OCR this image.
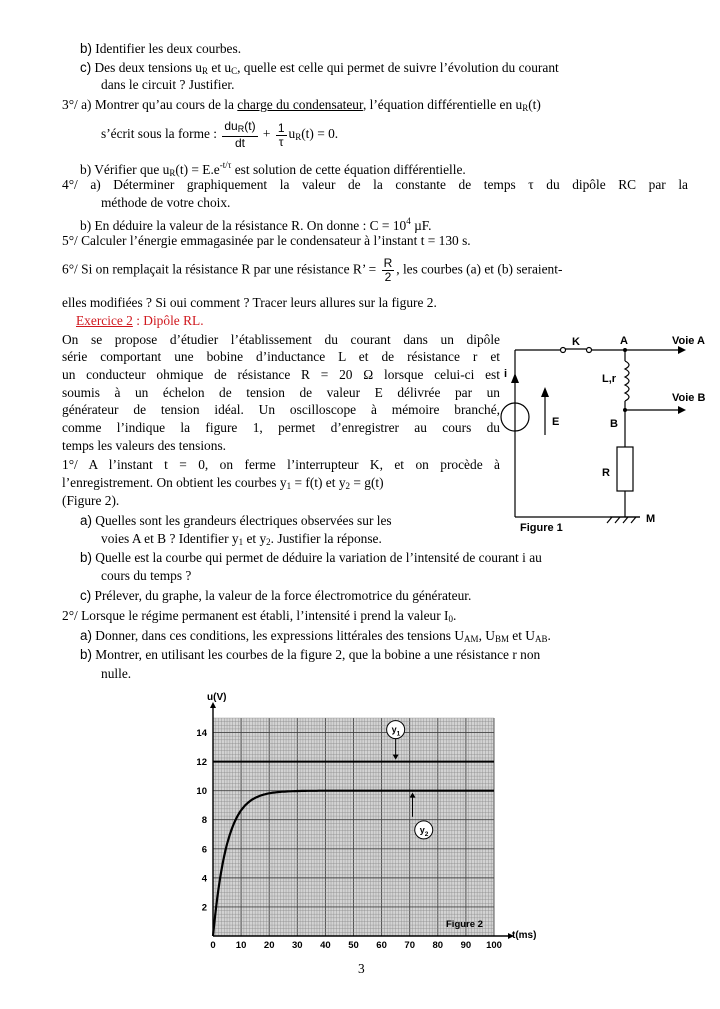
b) Identifier les deux courbes.
c) Des deux tensions $u_R$ et $u_C$, quelle est celle qui permet de suivre l’évolution du courant
dans le circuit ? Justifier.
3°/ a) Montrer qu’au cours de la charge du condensateur, l’équation différentielle en $u_R(t)$
s’écrit sous la forme : $\frac{du_R(t)}{dt} + \frac{1}{\tau} u_R(t) = 0$.
b) Vérifier que $u_R(t) = E.e^{-t/\tau}$ est solution de cette équation différentielle.
4°/ a) Déterminer graphiquement la valeur de la constante de temps τ du dipôle RC par la
méthode de votre choix.
b) En déduire la valeur de la résistance R. On donne : $C = 10^4$ µF.
5°/ Calculer l’énergie emmagasinée par le condensateur à l’instant t = 130 s.
6°/ Si on remplaçait la résistance R par une résistance R’ = $\frac{R}{2}$ , les courbes (a) et (b) seraient-
elles modifiées ? Si oui comment ? Tracer leurs allures sur la figure 2.
Exercice 2 : Dipôle RL.
On se propose d’étudier l’établissement du courant dans un dipôle
série comportant une bobine d’inductance L et de résistance r et
un conducteur ohmique de résistance R = 20 Ω lorsque celui-ci est
soumis à un échelon de tension de valeur E délivrée par un
générateur de tension idéal. Un oscilloscope à mémoire branché,
comme l’indique la figure 1, permet d’enregistrer au cours du
temps les valeurs des tensions.
1°/ A l’instant t = 0, on ferme l’interrupteur K, et on procède à
l’enregistrement. On obtient les courbes $y_1 = f(t)$ et $y_2 = g(t)$
(Figure 2).
a) Quelles sont les grandeurs électriques observées sur les
voies A et B ? Identifier $y_1$ et $y_2$. Justifier la réponse.
b) Quelle est la courbe qui permet de déduire la variation de l’intensité de courant i au
cours du temps ?
c) Prélever, du graphe, la valeur de la force électromotrice du générateur.
2°/ Lorsque le régime permanent est établi, l’intensité i prend la valeur $I_0$.
a) Donner, dans ces conditions, les expressions littérales des tensions $U_{AM}$, $U_{BM}$ et $U_{AB}$.
b) Montrer, en utilisant les courbes de la figure 2, que la bobine a une résistance r non
nulle.
K	A	Voie A
i	L,r
Voie B
B
E
R
Figure 1
M
0 10 20 30 40 50 60 70 80 90 100
2
4
6
8
10
12
14	y 1
y 2
u(V)
t(ms)
Figure 2
3
